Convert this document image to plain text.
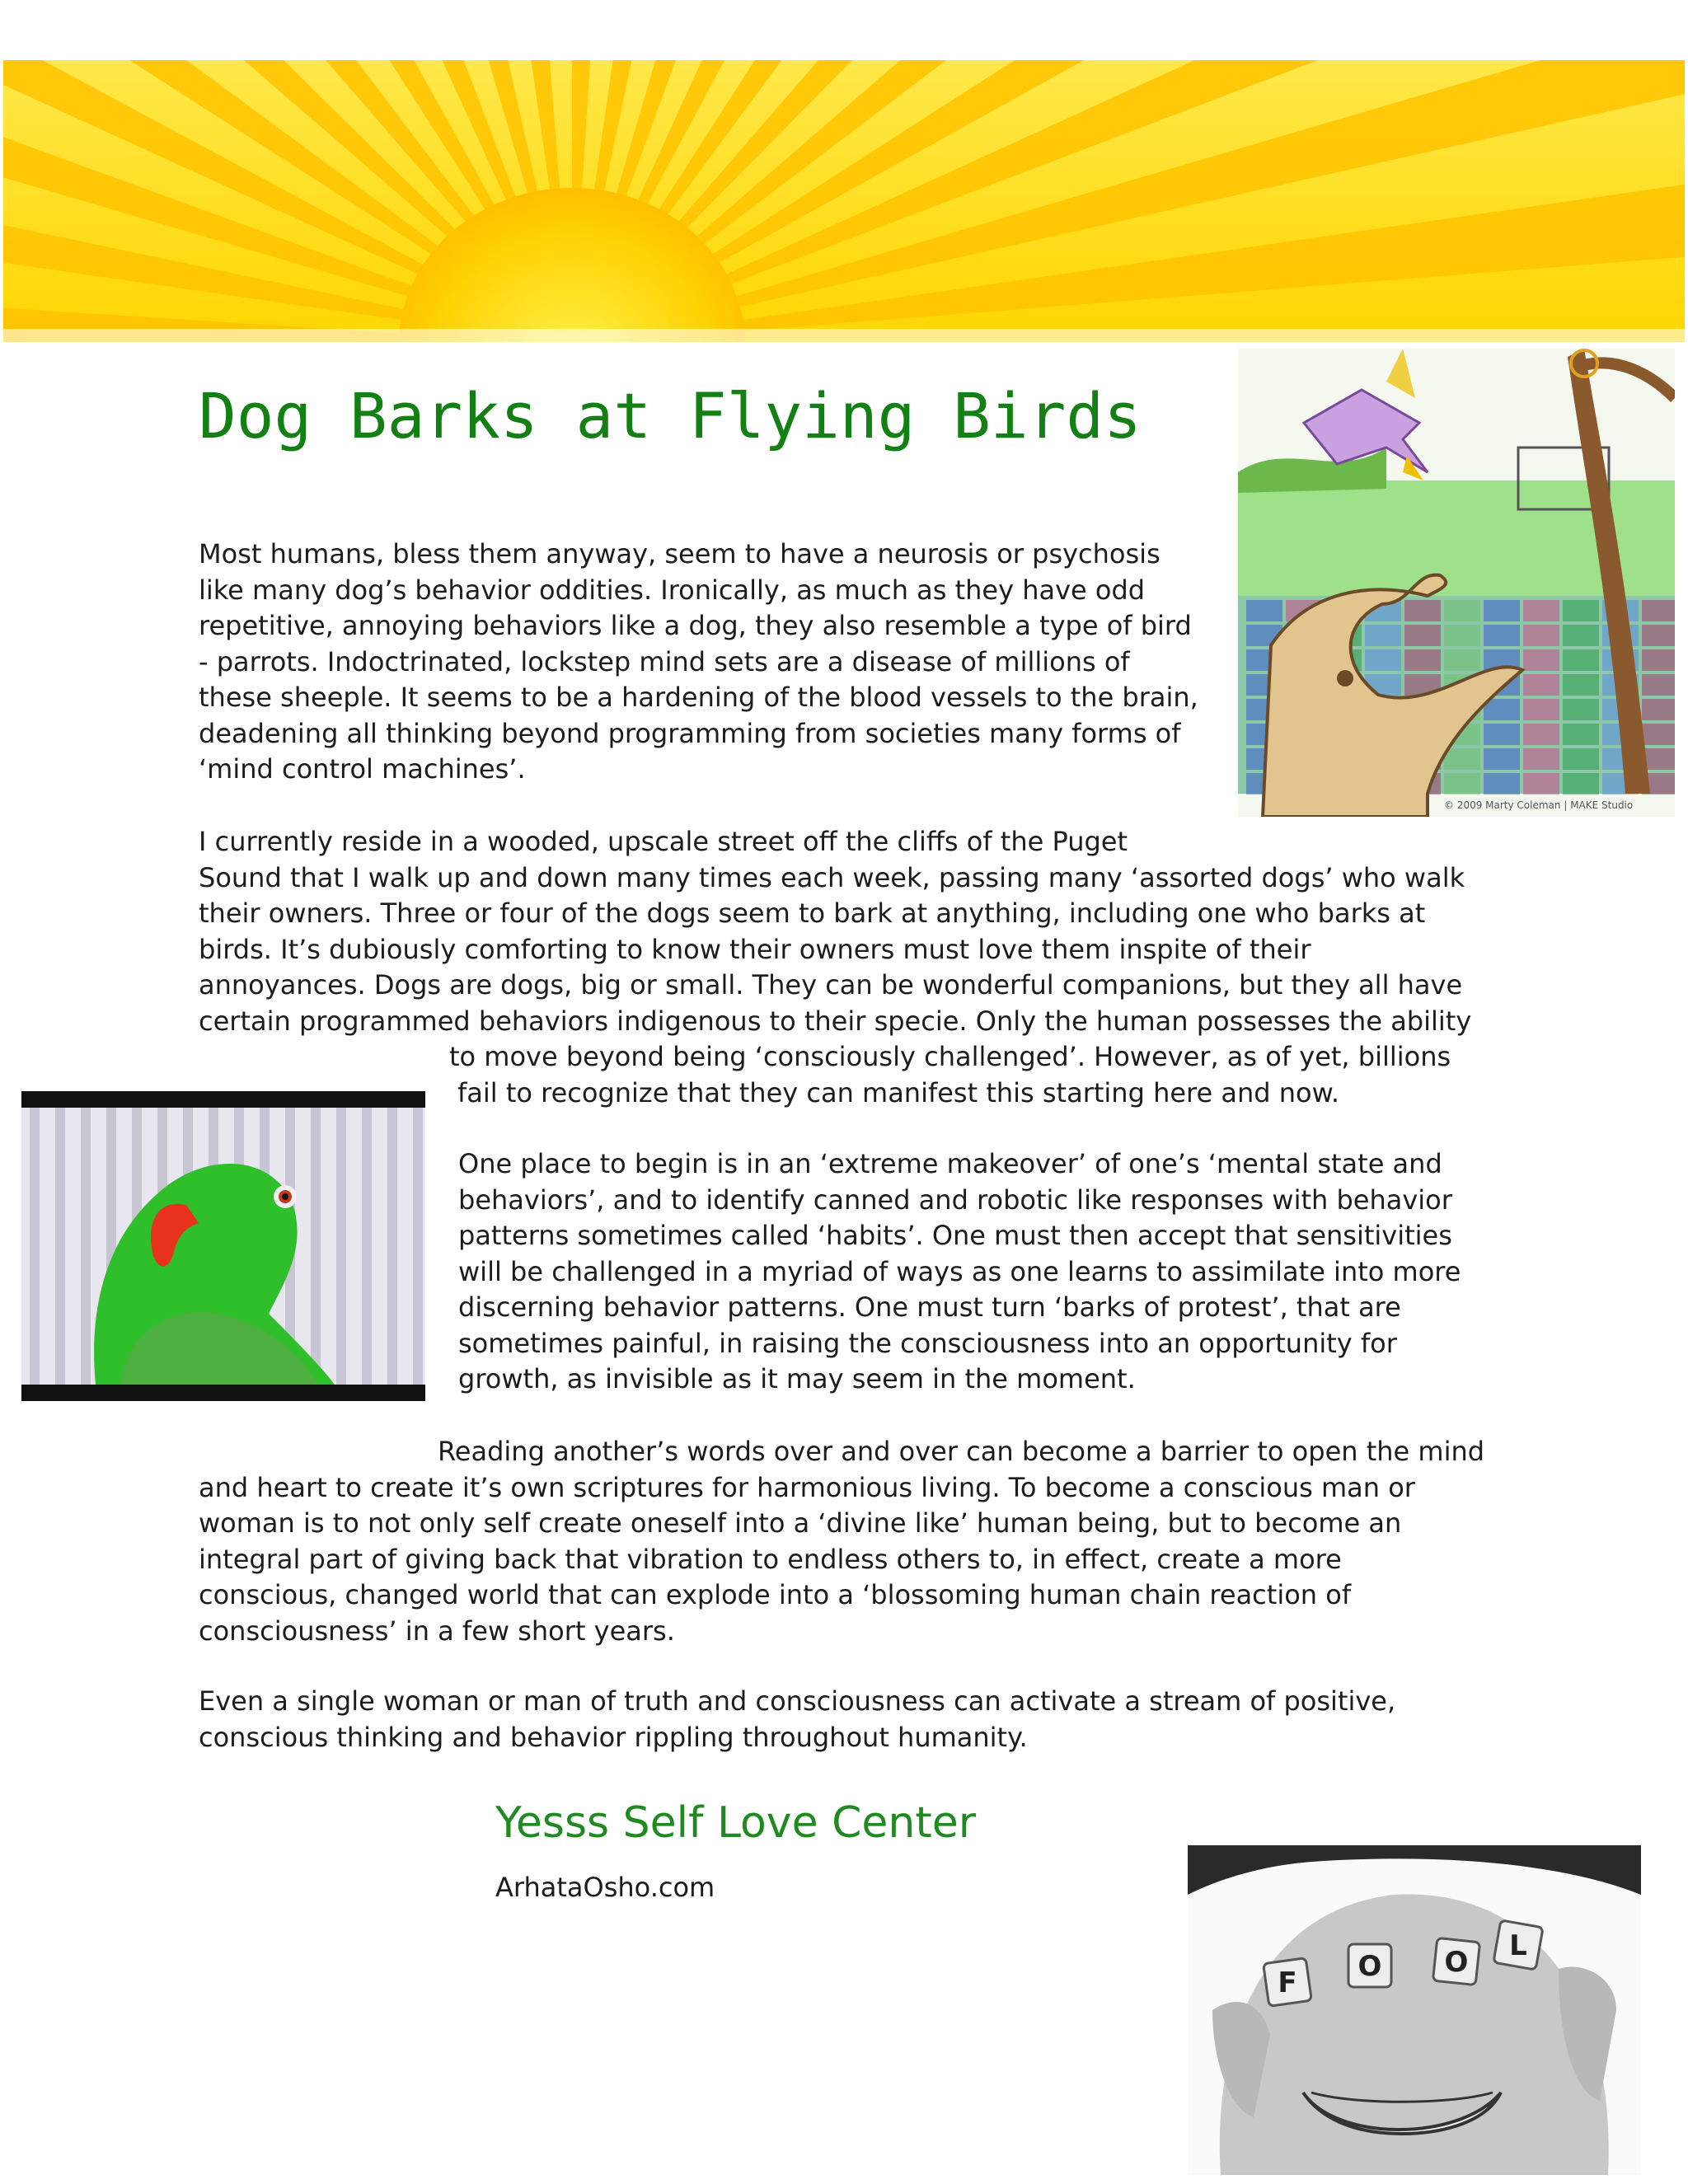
Dog Barks at Flying Birds
© 2009 Marty Coleman | MAKE Studio

Most humans, bless them anyway, seem to have a neurosis or psychosis
like many dog’s behavior oddities. Ironically, as much as they have odd
repetitive, annoying behaviors like a dog, they also resemble a type of bird
- parrots. Indoctrinated, lockstep mind sets are a disease of millions of
these sheeple. It seems to be a hardening of the blood vessels to the brain,
deadening all thinking beyond programming from societies many forms of
‘mind control machines’.

I currently reside in a wooded, upscale street off the cliffs of the Puget
Sound that I walk up and down many times each week, passing many ‘assorted dogs’ who walk
their owners. Three or four of the dogs seem to bark at anything, including one who barks at
birds. It’s dubiously comforting to know their owners must love them inspite of their
annoyances. Dogs are dogs, big or small. They can be wonderful companions, but they all have
certain programmed behaviors indigenous to their specie. Only the human possesses the ability
to move beyond being ‘consciously challenged’. However, as of yet, billions
fail to recognize that they can manifest this starting here and now.

One place to begin is in an ‘extreme makeover’ of one’s ‘mental state and
behaviors’, and to identify canned and robotic like responses with behavior
patterns sometimes called ‘habits’. One must then accept that sensitivities
will be challenged in a myriad of ways as one learns to assimilate into more
discerning behavior patterns. One must turn ‘barks of protest’, that are
sometimes painful, in raising the consciousness into an opportunity for
growth, as invisible as it may seem in the moment.

Reading another’s words over and over can become a barrier to open the mind
and heart to create it’s own scriptures for harmonious living. To become a conscious man or
woman is to not only self create oneself into a ‘divine like’ human being, but to become an
integral part of giving back that vibration to endless others to, in effect, create a more
conscious, changed world that can explode into a ‘blossoming human chain reaction of
consciousness’ in a few short years.

Even a single woman or man of truth and consciousness can activate a stream of positive,
conscious thinking and behavior rippling throughout humanity.

Yesss Self Love Center

ArhataOsho.com

F O O L
